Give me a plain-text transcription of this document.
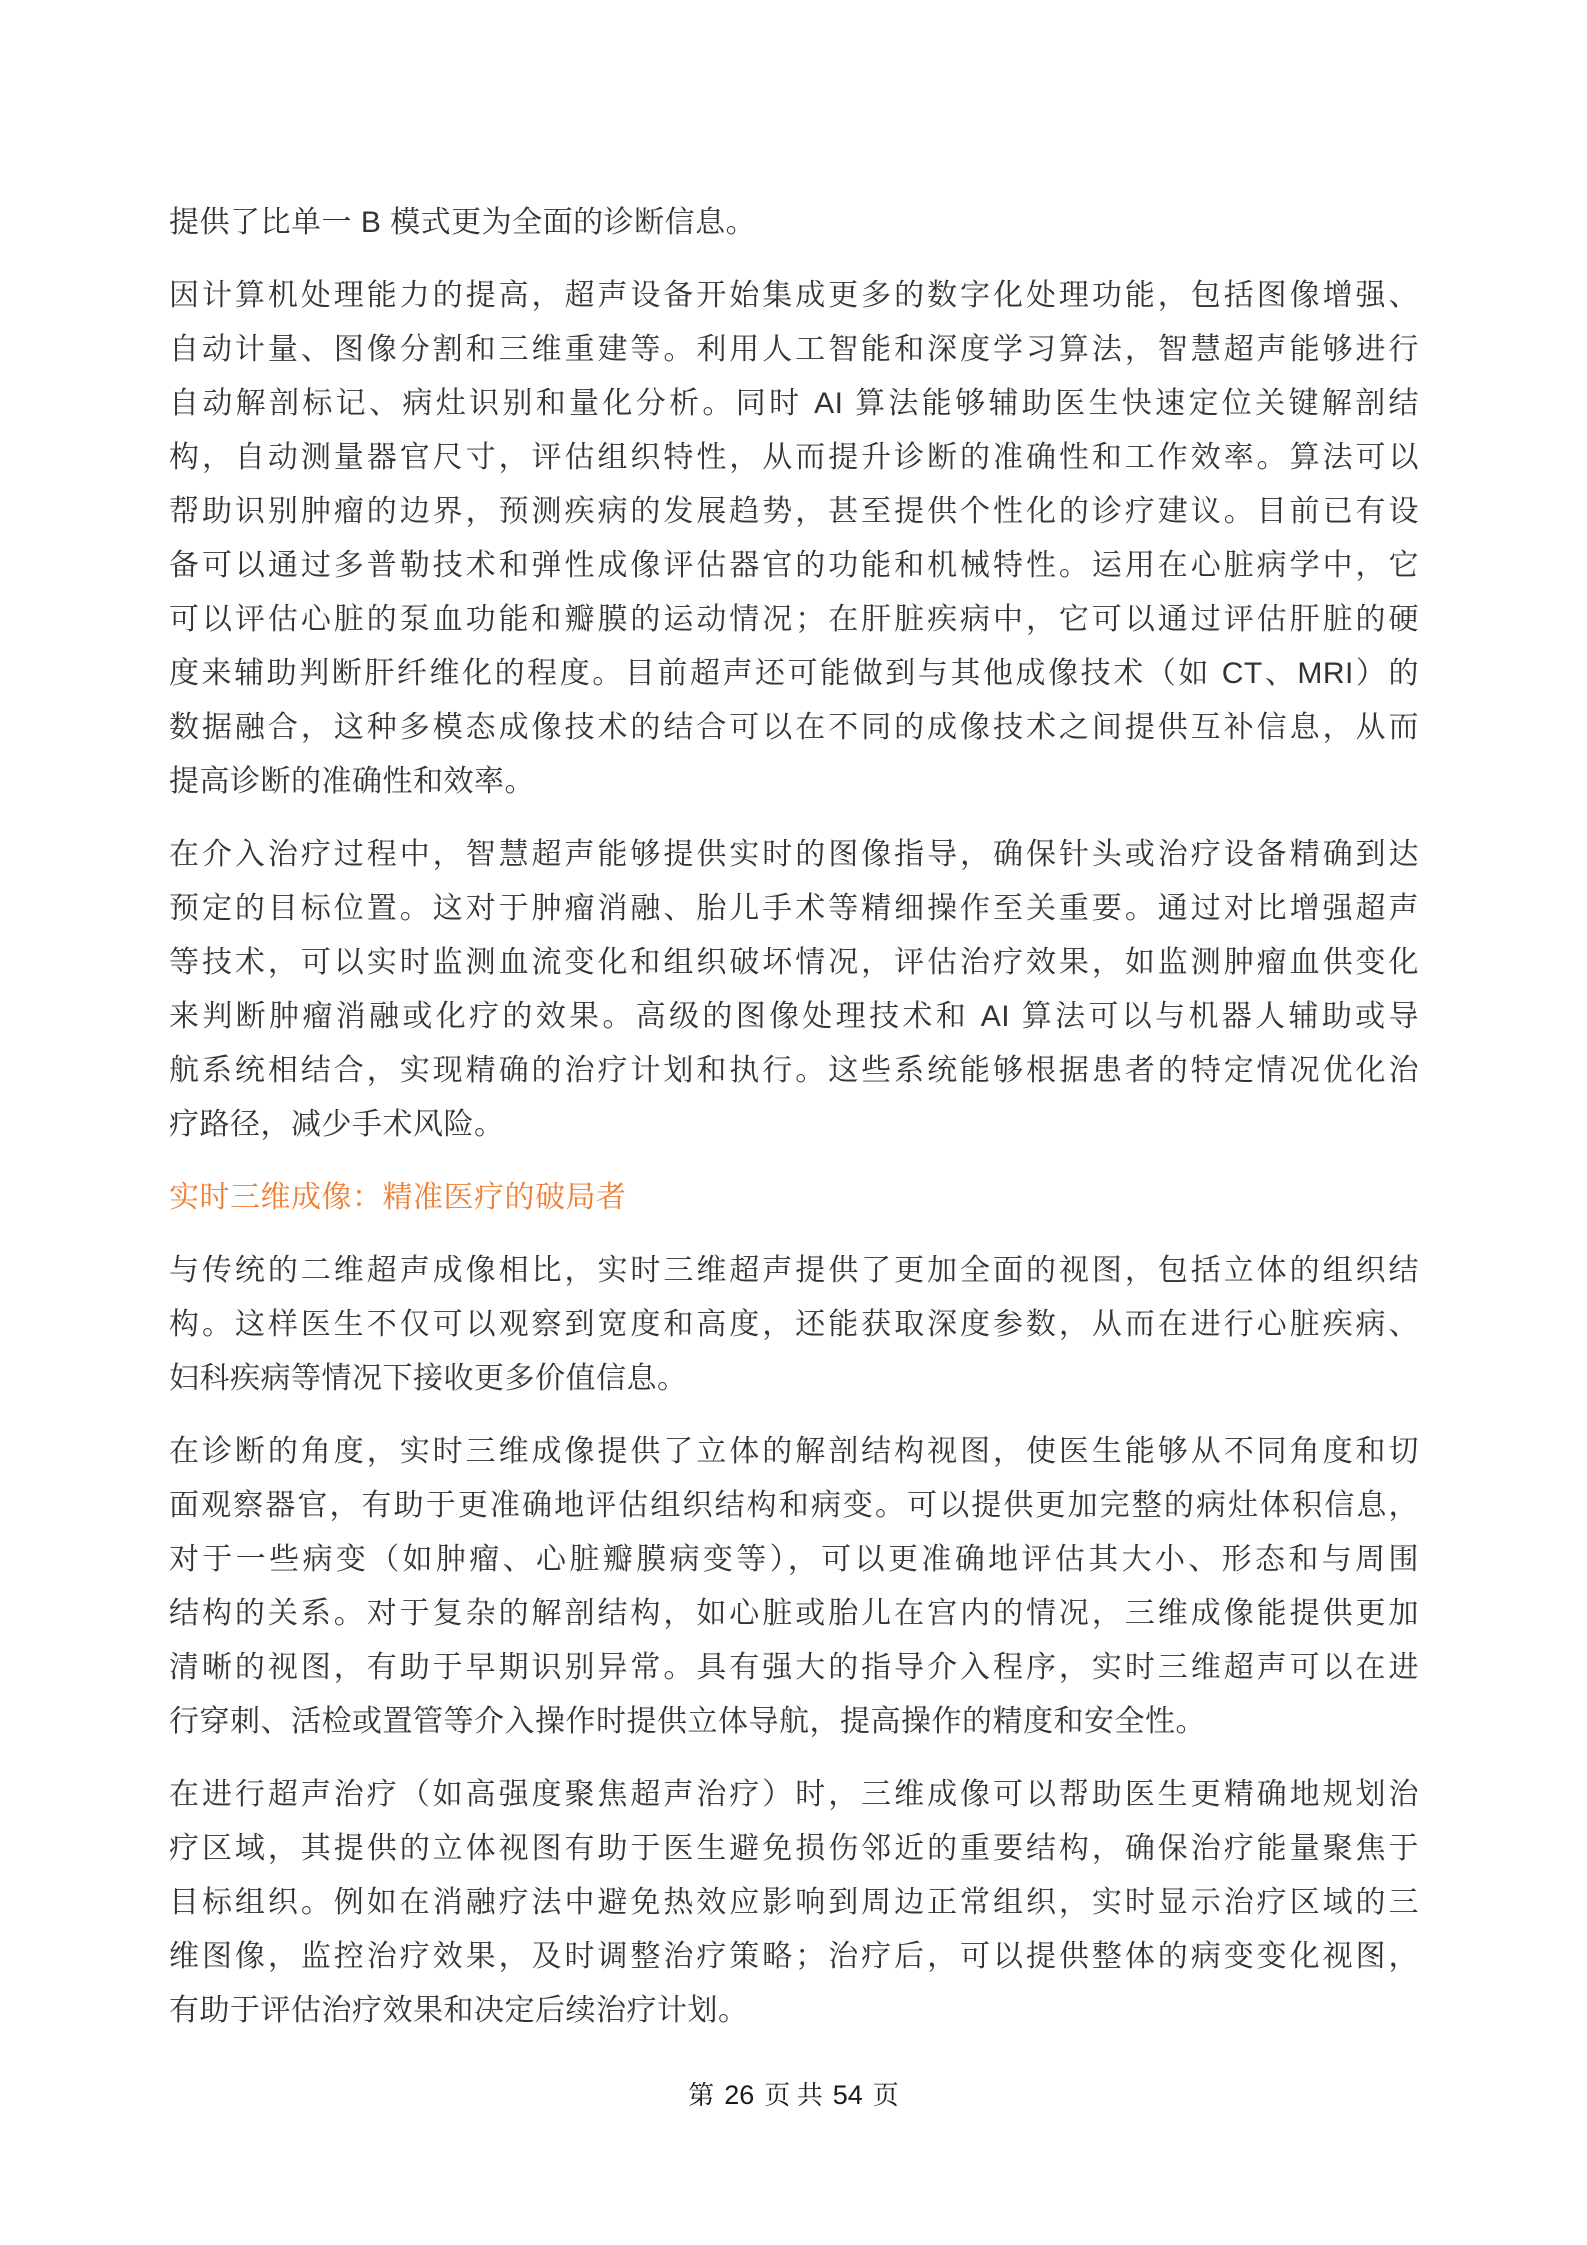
提供了比单一 B 模式更为全面的诊断信息。
因计算机处理能力的提高，超声设备开始集成更多的数字化处理功能，包括图像增强、
自动计量、图像分割和三维重建等。利用人工智能和深度学习算法，智慧超声能够进行
自动解剖标记、病灶识别和量化分析。同时 AI 算法能够辅助医生快速定位关键解剖结
构，自动测量器官尺寸，评估组织特性，从而提升诊断的准确性和工作效率。算法可以
帮助识别肿瘤的边界，预测疾病的发展趋势，甚至提供个性化的诊疗建议。目前已有设
备可以通过多普勒技术和弹性成像评估器官的功能和机械特性。运用在心脏病学中，它
可以评估心脏的泵血功能和瓣膜的运动情况；在肝脏疾病中，它可以通过评估肝脏的硬
度来辅助判断肝纤维化的程度。目前超声还可能做到与其他成像技术（如 CT、MRI）的
数据融合，这种多模态成像技术的结合可以在不同的成像技术之间提供互补信息，从而
提高诊断的准确性和效率。
在介入治疗过程中，智慧超声能够提供实时的图像指导，确保针头或治疗设备精确到达
预定的目标位置。这对于肿瘤消融、胎儿手术等精细操作至关重要。通过对比增强超声
等技术，可以实时监测血流变化和组织破坏情况，评估治疗效果，如监测肿瘤血供变化
来判断肿瘤消融或化疗的效果。高级的图像处理技术和 AI 算法可以与机器人辅助或导
航系统相结合，实现精确的治疗计划和执行。这些系统能够根据患者的特定情况优化治
疗路径，减少手术风险。
实时三维成像：精准医疗的破局者
与传统的二维超声成像相比，实时三维超声提供了更加全面的视图，包括立体的组织结
构。这样医生不仅可以观察到宽度和高度，还能获取深度参数，从而在进行心脏疾病、
妇科疾病等情况下接收更多价值信息。
在诊断的角度，实时三维成像提供了立体的解剖结构视图，使医生能够从不同角度和切
面观察器官，有助于更准确地评估组织结构和病变。可以提供更加完整的病灶体积信息，
对于一些病变（如肿瘤、心脏瓣膜病变等），可以更准确地评估其大小、形态和与周围
结构的关系。对于复杂的解剖结构，如心脏或胎儿在宫内的情况，三维成像能提供更加
清晰的视图，有助于早期识别异常。具有强大的指导介入程序，实时三维超声可以在进
行穿刺、活检或置管等介入操作时提供立体导航，提高操作的精度和安全性。
在进行超声治疗（如高强度聚焦超声治疗）时，三维成像可以帮助医生更精确地规划治
疗区域，其提供的立体视图有助于医生避免损伤邻近的重要结构，确保治疗能量聚焦于
目标组织。例如在消融疗法中避免热效应影响到周边正常组织，实时显示治疗区域的三
维图像，监控治疗效果，及时调整治疗策略；治疗后，可以提供整体的病变变化视图，
有助于评估治疗效果和决定后续治疗计划。
第 26 页 共 54 页
